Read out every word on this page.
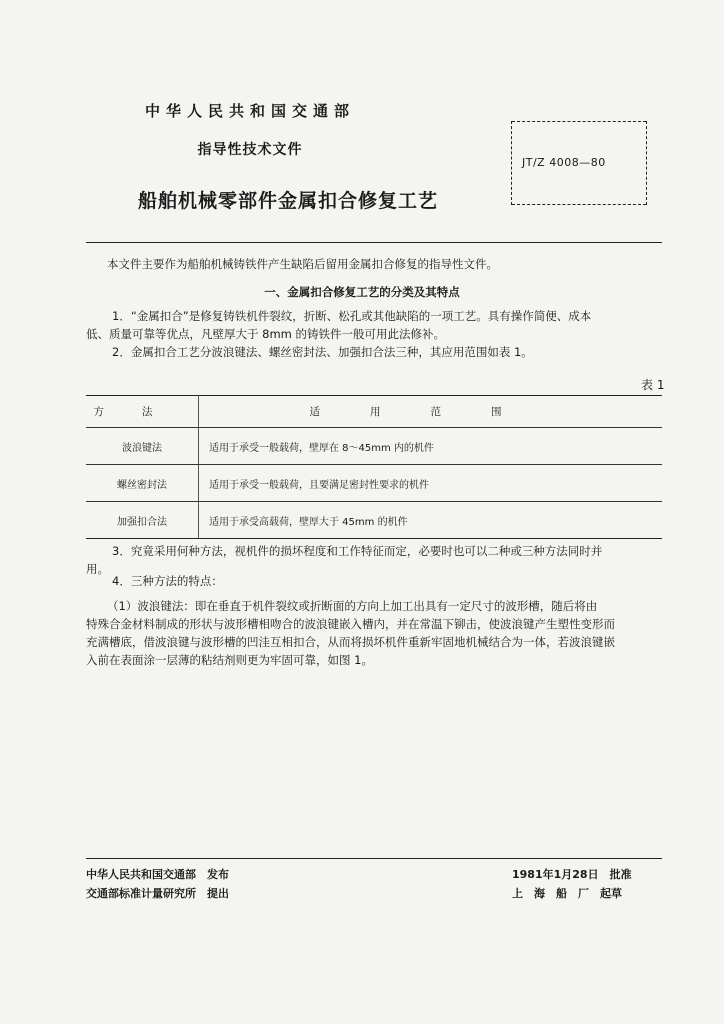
中华人民共和国交通部
指导性技术文件
船舶机械零部件金属扣合修复工艺
JT/Z 4008—80
本文件主要作为船舶机械铸铁件产生缺陷后留用金属扣合修复的指导性文件。
一、金属扣合修复工艺的分类及其特点
1．“金属扣合”是修复铸铁机件裂纹，折断、松孔或其他缺陷的一项工艺。具有操作简便、成本
低、质量可靠等优点，凡壁厚大于 8mm 的铸铁件一般可用此法修补。
2．金属扣合工艺分波浪键法、螺丝密封法、加强扣合法三种，其应用范围如表 1。
表 1
方法	适用范围
波浪键法	适用于承受一般载荷，壁厚在 8～45mm 内的机件
螺丝密封法	适用于承受一般载荷，且要满足密封性要求的机件
加强扣合法	适用于承受高载荷，壁厚大于 45mm 的机件
3．究竟采用何种方法，视机件的损坏程度和工作特征而定，必要时也可以二种或三种方法同时并
用。
4．三种方法的特点：
（1）波浪键法：即在垂直于机件裂纹或折断面的方向上加工出具有一定尺寸的波形槽，随后将由
特殊合金材料制成的形状与波形槽相吻合的波浪键嵌入槽内，并在常温下铆击，使波浪键产生塑性变形而
充满槽底，借波浪键与波形槽的凹洼互相扣合，从而将损坏机件重新牢固地机械结合为一体，若波浪键嵌
入前在表面涂一层薄的粘结剂则更为牢固可靠，如图 1。
中华人民共和国交通部　发布
交通部标准计量研究所　提出
1981年1月28日　批准
上　海　船　厂　起草
